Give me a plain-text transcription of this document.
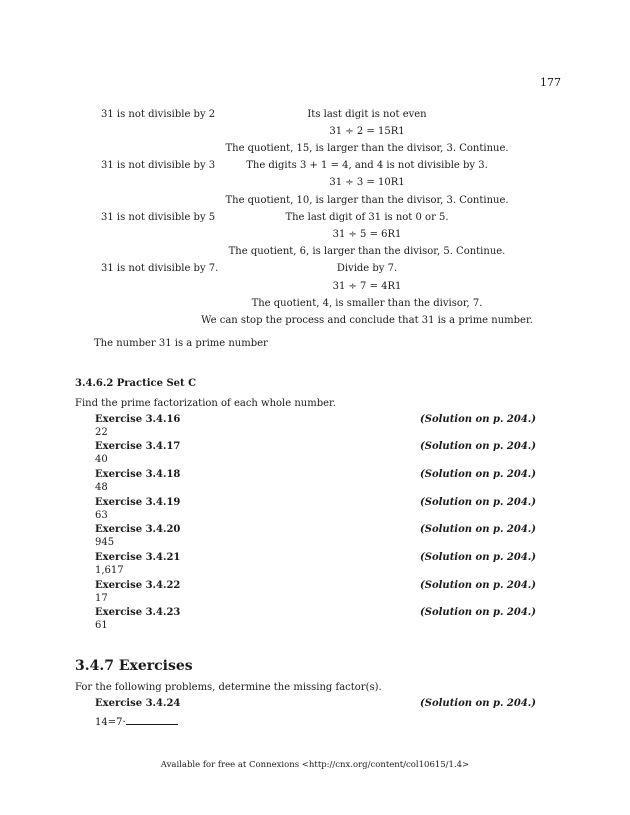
177
31 is not divisible by 2	Its last digit is not even
31 ÷ 2 = 15R1
The quotient, 15, is larger than the divisor, 3. Continue.
31 is not divisible by 3	The digits 3 + 1 = 4, and 4 is not divisible by 3.
31 ÷ 3 = 10R1
The quotient, 10, is larger than the divisor, 3. Continue.
31 is not divisible by 5	The last digit of 31 is not 0 or 5.
31 ÷ 5 = 6R1
The quotient, 6, is larger than the divisor, 5. Continue.
31 is not divisible by 7.	Divide by 7.
31 ÷ 7 = 4R1
The quotient, 4, is smaller than the divisor, 7.
We can stop the process and conclude that 31 is a prime number.
The number 31 is a prime number
3.4.6.2 Practice Set C
Find the prime factorization of each whole number.
Exercise 3.4.16	(Solution on p. 204.)
22
Exercise 3.4.17	(Solution on p. 204.)
40
Exercise 3.4.18	(Solution on p. 204.)
48
Exercise 3.4.19	(Solution on p. 204.)
63
Exercise 3.4.20	(Solution on p. 204.)
945
Exercise 3.4.21	(Solution on p. 204.)
1,617
Exercise 3.4.22	(Solution on p. 204.)
17
Exercise 3.4.23	(Solution on p. 204.)
61
3.4.7 Exercises
For the following problems, determine the missing factor(s).
Exercise 3.4.24	(Solution on p. 204.)
14=7·
Available for free at Connexions <http://cnx.org/content/col10615/1.4>
